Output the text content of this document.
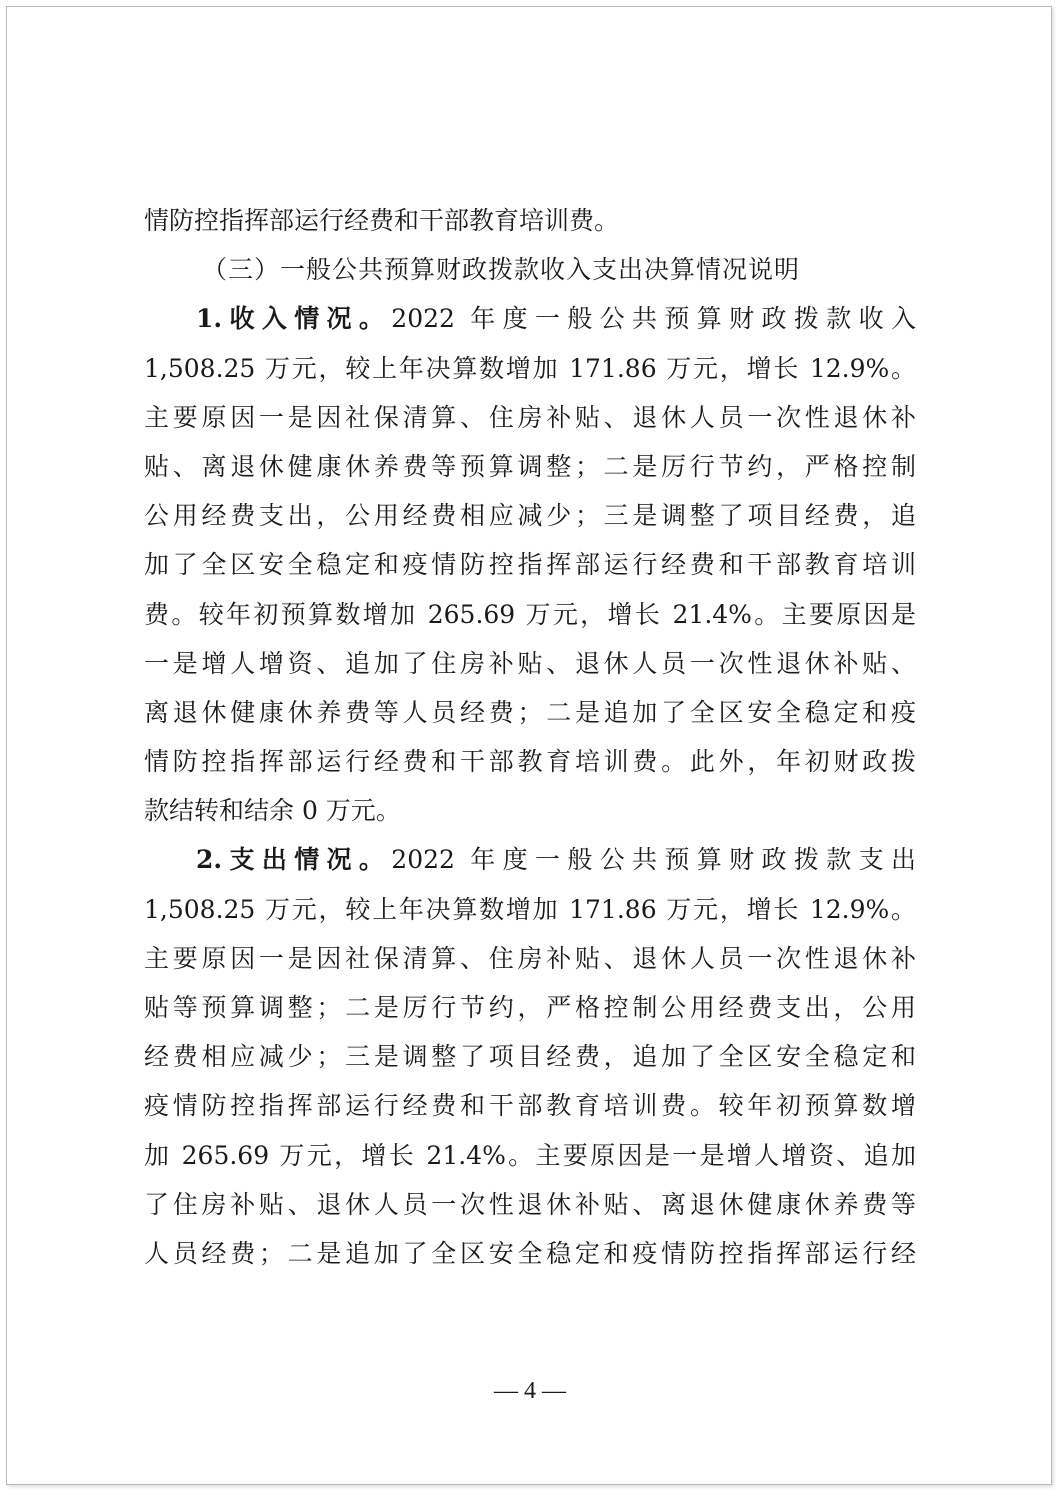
情防控指挥部运行经费和干部教育培训费。
（三）一般公共预算财政拨款收入支出决算情况说明
1.收入情况。2022 年度一般公共预算财政拨款收入
1,508.25 万元，较上年决算数增加 171.86 万元，增长 12.9%。
主要原因一是因社保清算、住房补贴、退休人员一次性退休补
贴、离退休健康休养费等预算调整；二是厉行节约，严格控制
公用经费支出，公用经费相应减少；三是调整了项目经费，追
加了全区安全稳定和疫情防控指挥部运行经费和干部教育培训
费。较年初预算数增加 265.69 万元，增长 21.4%。主要原因是
一是增人增资、追加了住房补贴、退休人员一次性退休补贴、
离退休健康休养费等人员经费；二是追加了全区安全稳定和疫
情防控指挥部运行经费和干部教育培训费。此外，年初财政拨
款结转和结余 0 万元。
2.支出情况。2022 年度一般公共预算财政拨款支出
1,508.25 万元，较上年决算数增加 171.86 万元，增长 12.9%。
主要原因一是因社保清算、住房补贴、退休人员一次性退休补
贴等预算调整；二是厉行节约，严格控制公用经费支出，公用
经费相应减少；三是调整了项目经费，追加了全区安全稳定和
疫情防控指挥部运行经费和干部教育培训费。较年初预算数增
加 265.69 万元，增长 21.4%。主要原因是一是增人增资、追加
了住房补贴、退休人员一次性退休补贴、离退休健康休养费等
人员经费；二是追加了全区安全稳定和疫情防控指挥部运行经
— 4 —
